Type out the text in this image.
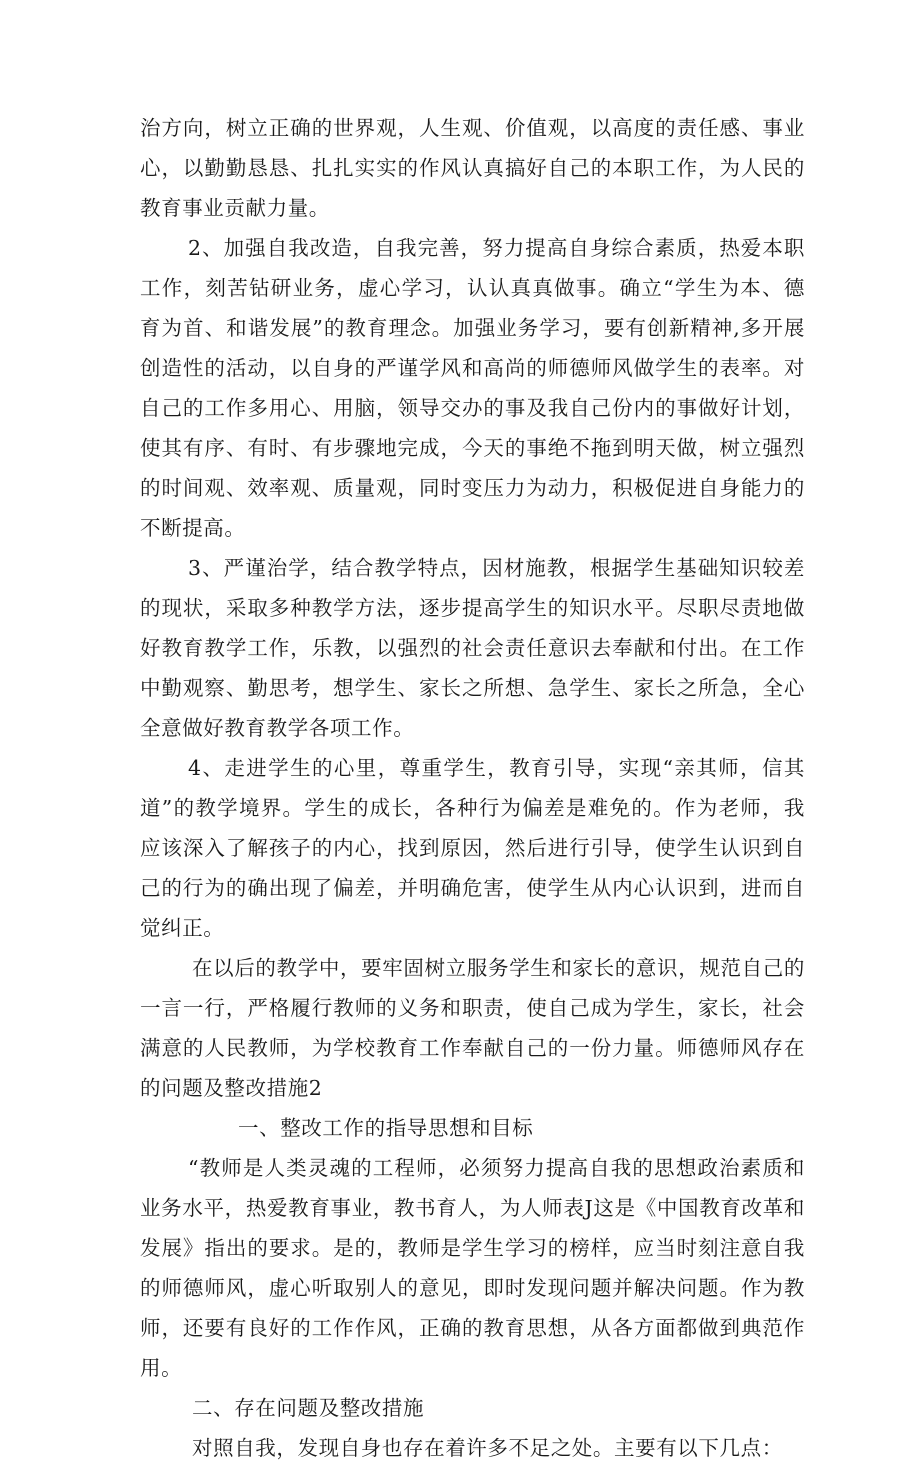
治方向，树立正确的世界观，人生观、价值观，以高度的责任感、事业心，以勤勤恳恳、扎扎实实的作风认真搞好自己的本职工作，为人民的教育事业贡献力量。

2、加强自我改造，自我完善，努力提高自身综合素质，热爱本职工作，刻苦钻研业务，虚心学习，认认真真做事。确立“学生为本、德育为首、和谐发展”的教育理念。加强业务学习，要有创新精神,多开展创造性的活动，以自身的严谨学风和高尚的师德师风做学生的表率。对自己的工作多用心、用脑，领导交办的事及我自己份内的事做好计划，使其有序、有时、有步骤地完成，今天的事绝不拖到明天做，树立强烈的时间观、效率观、质量观，同时变压力为动力，积极促进自身能力的不断提高。

3、严谨治学，结合教学特点，因材施教，根据学生基础知识较差的现状，采取多种教学方法，逐步提高学生的知识水平。尽职尽责地做好教育教学工作，乐教，以强烈的社会责任意识去奉献和付出。在工作中勤观察、勤思考，想学生、家长之所想、急学生、家长之所急，全心全意做好教育教学各项工作。

4、走进学生的心里，尊重学生，教育引导，实现“亲其师，信其道”的教学境界。学生的成长，各种行为偏差是难免的。作为老师，我应该深入了解孩子的内心，找到原因，然后进行引导，使学生认识到自己的行为的确出现了偏差，并明确危害，使学生从内心认识到，进而自觉纠正。

在以后的教学中，要牢固树立服务学生和家长的意识，规范自己的一言一行，严格履行教师的义务和职责，使自己成为学生，家长，社会满意的人民教师，为学校教育工作奉献自己的一份力量。师德师风存在的问题及整改措施2

一、整改工作的指导思想和目标

“教师是人类灵魂的工程师，必须努力提高自我的思想政治素质和业务水平，热爱教育事业，教书育人，为人师表J这是《中国教育改革和发展》指出的要求。是的，教师是学生学习的榜样，应当时刻注意自我的师德师风，虚心听取别人的意见，即时发现问题并解决问题。作为教师，还要有良好的工作作风，正确的教育思想，从各方面都做到典范作用。

二、存在问题及整改措施

对照自我，发现自身也存在着许多不足之处。主要有以下几点：
